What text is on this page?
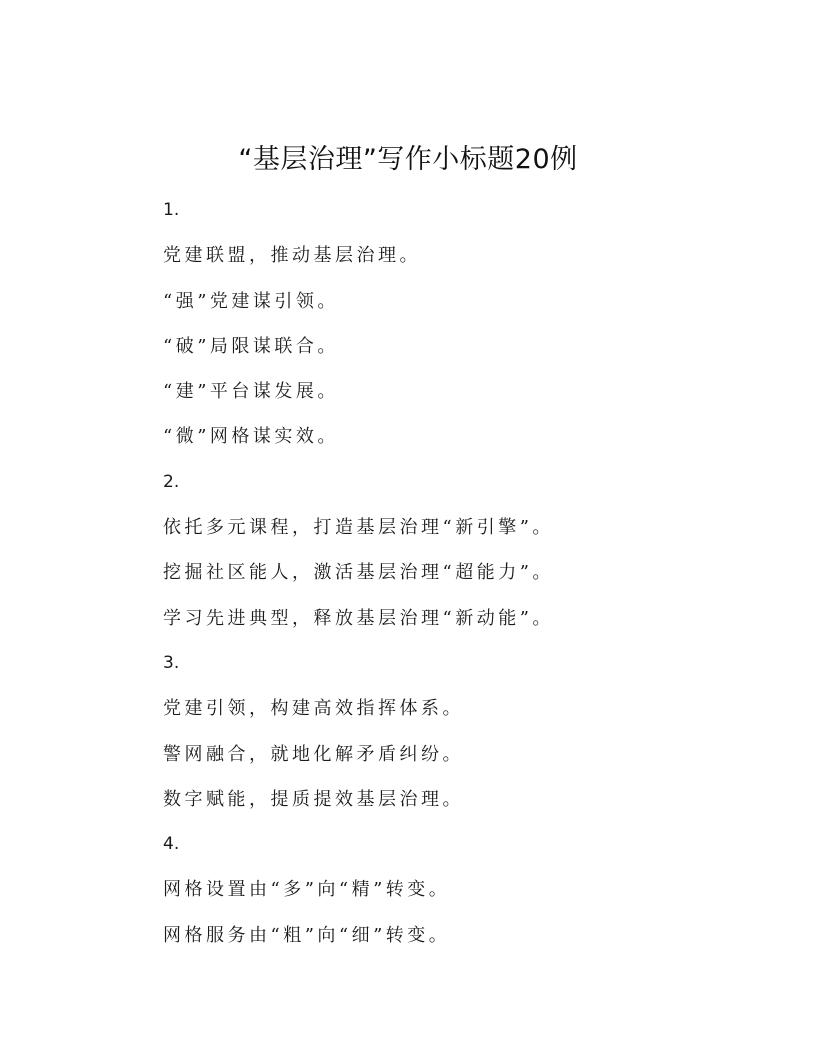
“基层治理”写作小标题20例
1.
党建联盟，推动基层治理。
“强”党建谋引领。
“破”局限谋联合。
“建”平台谋发展。
“微”网格谋实效。
2.
依托多元课程，打造基层治理“新引擎”。
挖掘社区能人，激活基层治理“超能力”。
学习先进典型，释放基层治理“新动能”。
3.
党建引领，构建高效指挥体系。
警网融合，就地化解矛盾纠纷。
数字赋能，提质提效基层治理。
4.
网格设置由“多”向“精”转变。
网格服务由“粗”向“细”转变。
